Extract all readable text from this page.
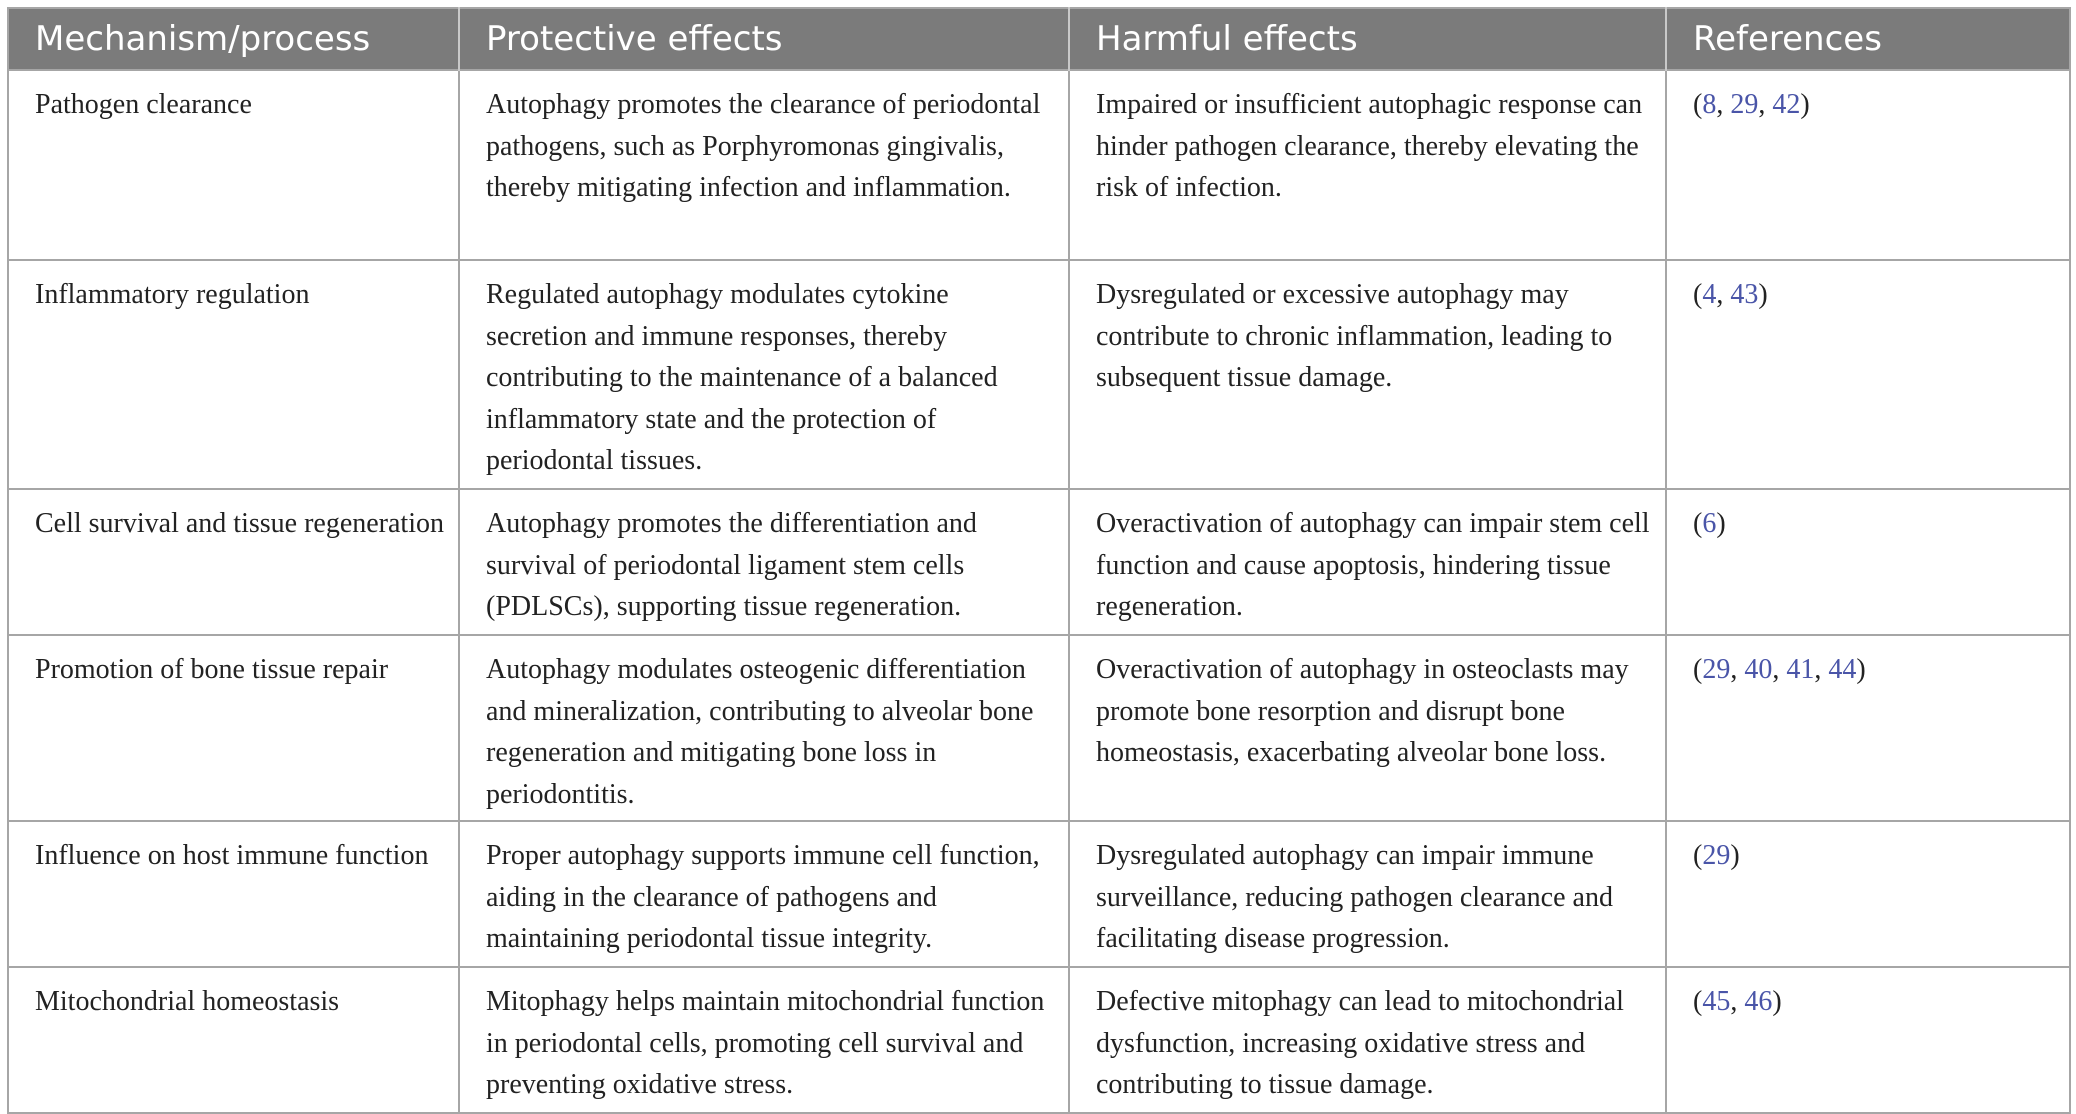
Mechanism/process	Protective effects	Harmful effects	References
Pathogen clearance	Autophagy promotes the clearance of periodontal pathogens, such as Porphyromonas gingivalis, thereby mitigating infection and inflammation.	Impaired or insufficient autophagic response can hinder pathogen clearance, thereby elevating the risk of infection.	(8, 29, 42)
Inflammatory regulation	Regulated autophagy modulates cytokine secretion and immune responses, thereby contributing to the maintenance of a balanced inflammatory state and the protection of periodontal tissues.	Dysregulated or excessive autophagy may contribute to chronic inflammation, leading to subsequent tissue damage.	(4, 43)
Cell survival and tissue regeneration	Autophagy promotes the differentiation and survival of periodontal ligament stem cells (PDLSCs), supporting tissue regeneration.	Overactivation of autophagy can impair stem cell function and cause apoptosis, hindering tissue regeneration.	(6)
Promotion of bone tissue repair	Autophagy modulates osteogenic differentiation and mineralization, contributing to alveolar bone regeneration and mitigating bone loss in periodontitis.	Overactivation of autophagy in osteoclasts may promote bone resorption and disrupt bone homeostasis, exacerbating alveolar bone loss.	(29, 40, 41, 44)
Influence on host immune function	Proper autophagy supports immune cell function, aiding in the clearance of pathogens and maintaining periodontal tissue integrity.	Dysregulated autophagy can impair immune surveillance, reducing pathogen clearance and facilitating disease progression.	(29)
Mitochondrial homeostasis	Mitophagy helps maintain mitochondrial function in periodontal cells, promoting cell survival and preventing oxidative stress.	Defective mitophagy can lead to mitochondrial dysfunction, increasing oxidative stress and contributing to tissue damage.	(45, 46)
